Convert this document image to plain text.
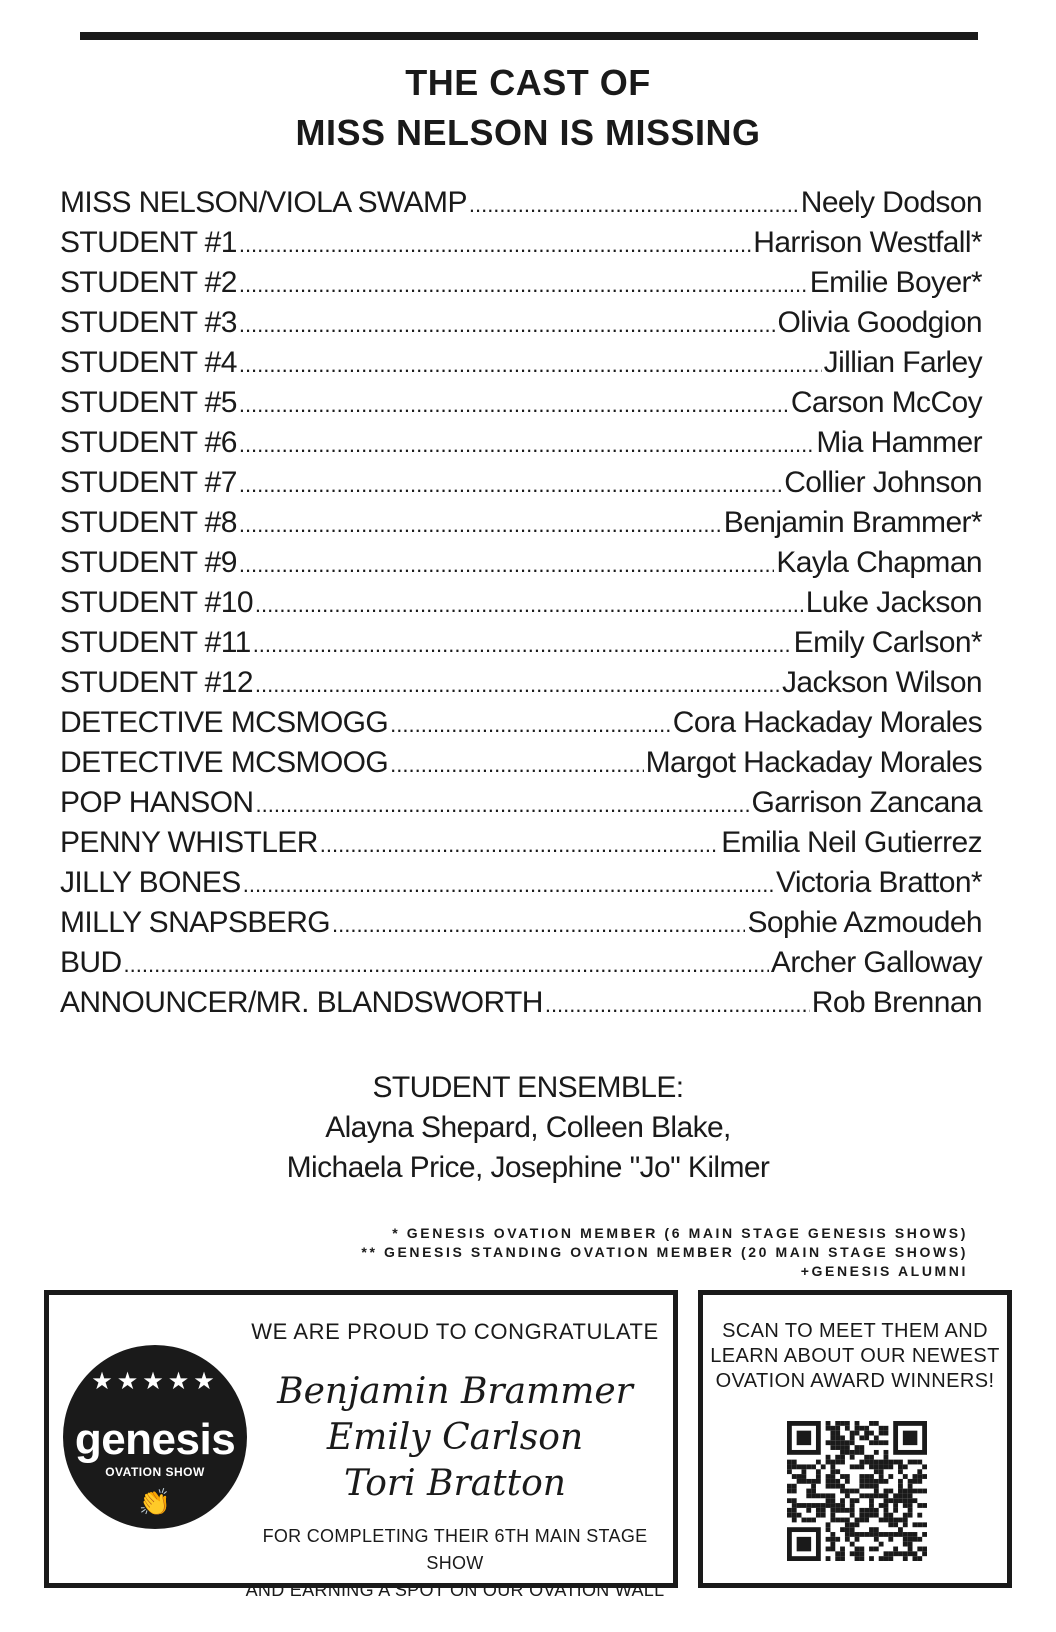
THE CAST OF
MISS NELSON IS MISSING
MISS NELSON/VIOLA SWAMP .....	Neely Dodson
STUDENT #1 .....	Harrison Westfall*
STUDENT #2 .....	Emilie Boyer*
STUDENT #3 .....	Olivia Goodgion
STUDENT #4 .....	Jillian Farley
STUDENT #5 .....	Carson McCoy
STUDENT #6 .....	Mia Hammer
STUDENT #7 .....	Collier Johnson
STUDENT #8 .....	Benjamin Brammer*
STUDENT #9 .....	Kayla Chapman
STUDENT #10 .....	Luke Jackson
STUDENT #11 .....	Emily Carlson*
STUDENT #12 .....	Jackson Wilson
DETECTIVE MCSMOGG .....	Cora Hackaday Morales
DETECTIVE MCSMOOG .....	Margot Hackaday Morales
POP HANSON .....	Garrison Zancana
PENNY WHISTLER .....	Emilia Neil Gutierrez
JILLY BONES .....	Victoria Bratton*
MILLY SNAPSBERG .....	Sophie Azmoudeh
BUD .....	Archer Galloway
ANNOUNCER/MR. BLANDSWORTH .....	Rob Brennan
STUDENT ENSEMBLE:
Alayna Shepard, Colleen Blake,
Michaela Price, Josephine "Jo" Kilmer
* GENESIS OVATION MEMBER (6 MAIN STAGE GENESIS SHOWS)
** GENESIS STANDING OVATION MEMBER (20 MAIN STAGE SHOWS)
+GENESIS ALUMNI
★★★★★
genesis
OVATION SHOW
👏
WE ARE PROUD TO CONGRATULATE
Benjamin Brammer
Emily Carlson
Tori Bratton
FOR COMPLETING THEIR 6TH MAIN STAGE SHOW
AND EARNING A SPOT ON OUR OVATION WALL
SCAN TO MEET THEM AND
LEARN ABOUT OUR NEWEST
OVATION AWARD WINNERS!
